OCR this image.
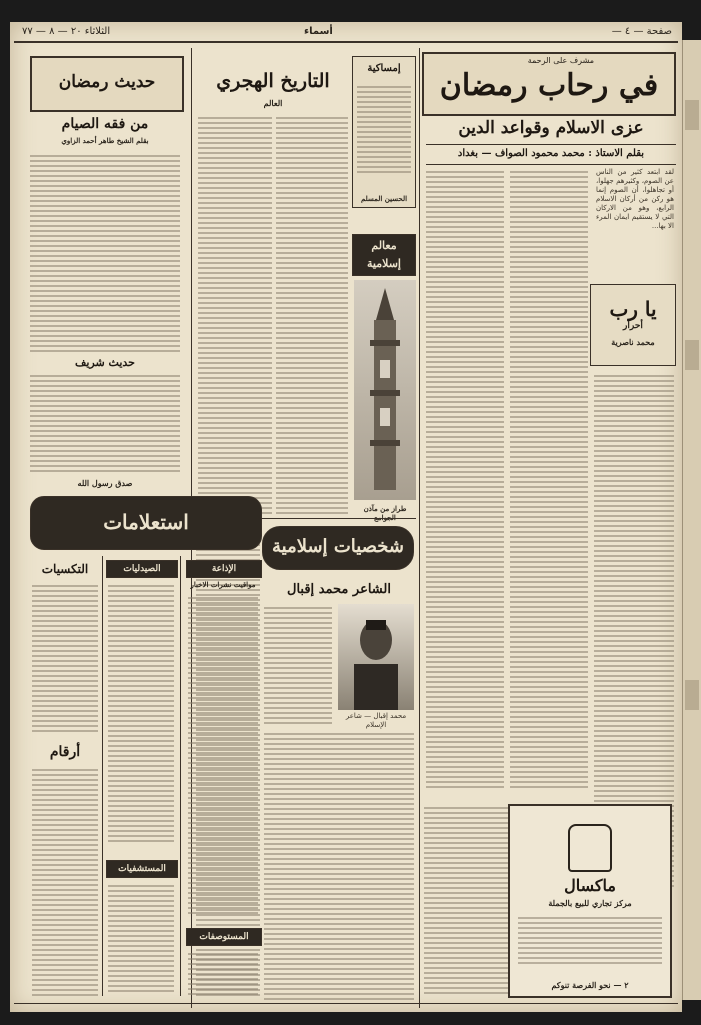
صفحة — ٤ —
أسماء
الثلاثاء ٢٠ — ٨ — ٧٧
مشرف على الرحمة
في رحاب رمضان
عزى الاسلام وقواعد الدين
بقلم الاستاذ : محمد محمود الصواف — بغداد
لقد ابتعد كثير من الناس عن الصوم، وكثيرهم جهلوا، أو تجاهلوا، أن الصوم إنما هو ركن من أركان الاسلام الرابع، وهو من الاركان التي لا يستقيم ايمان المرء الا بها...
يا رب
أحرار
محمد ناصرية
ماكسال
مركز تجاري للبيع بالجملة
٢ — نحو الفرصة تنوكم
إمساكية
الحسين المسلم
معالم إسلامية
طراز من مآذن
التاريخ الهجري
العالم
شخصيات إسلامية
الشاعر محمد إقبال
محمد إقبال — شاعر الإسلام
حديث رمضان
من فقه الصيام
بقلم الشيخ طاهر أحمد الزاوي
حديث شريف
صدق رسول الله
استعلامات
التكسيات
أرقام
الصيدليات
المستشفيات
الإذاعة
مواقيت نشرات الاخبار
المستوصفات
